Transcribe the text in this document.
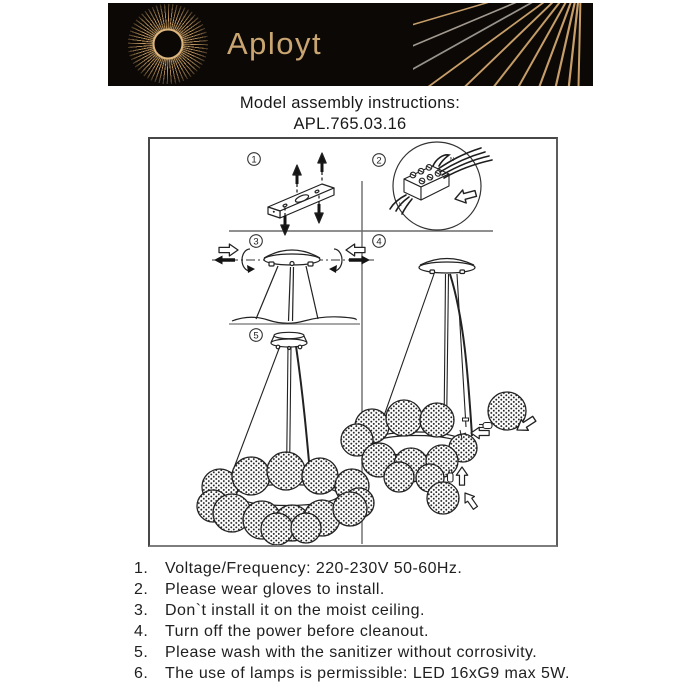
Aployt
Model assembly instructions:
APL.765.03.16
1	2
3	4
5
N
L
1.	Voltage/Frequency: 220-230V 50-60Hz.
2.	Please wear gloves to install.
3.	Don`t install it on the moist ceiling.
4.	Turn off the power before cleanout.
5.	Please wash with the sanitizer without corrosivity.
6.	The use of lamps is permissible: LED 16xG9 max 5W.
